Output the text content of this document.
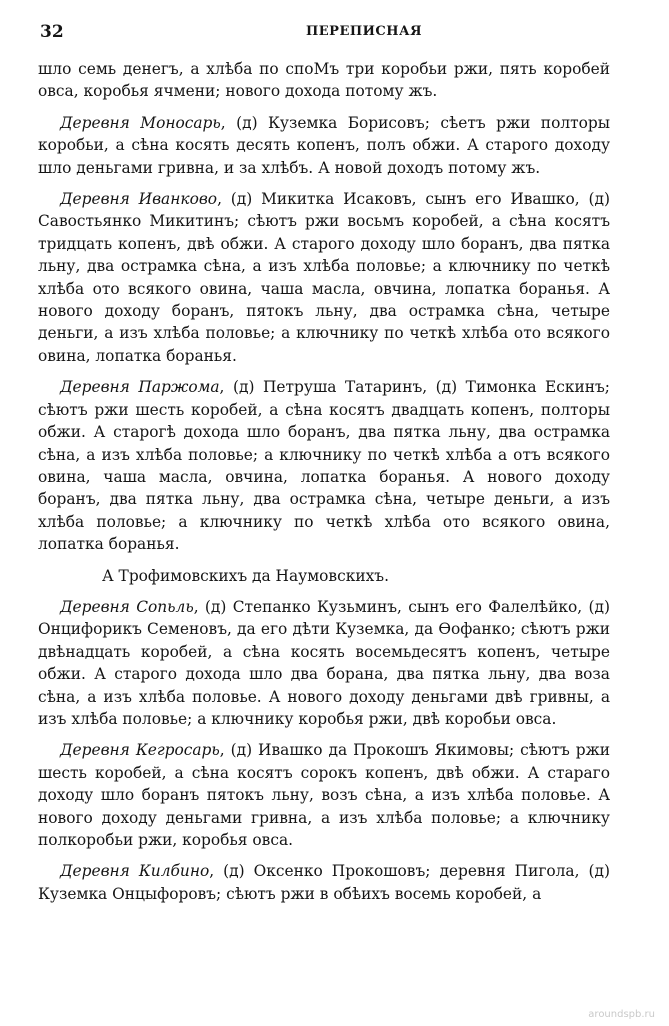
32	ПЕРЕПИСНАЯ

шло семь денегъ, а хлѣба по споМъ три коробьи ржи, пять коробей овса, коробья ячмени; нового дохода потому жъ.

Деревня Моносарь, (д) Куземка Борисовъ; сѣетъ ржи полторы коробьи, а сѣна косять десять копенъ, полъ обжи. А старого доходу шло деньгами гривна, и за хлѣбъ. А новой доходъ потому жъ.

Деревня Иванково, (д) Микитка Исаковъ, сынъ его Ивашко, (д) Савостьянко Микитинъ; сѣютъ ржи восьмъ коробей, а сѣна косятъ тридцать копенъ, двѣ обжи. А старого доходу шло боранъ, два пятка льну, два острамка сѣна, а изъ хлѣба половье; а ключнику по четкѣ хлѣба ото всякого овина, чаша масла, овчина, лопатка боранья. А нового доходу боранъ, пятокъ льну, два острамка сѣна, четыре деньги, а изъ хлѣба половье; а ключнику по четкѣ хлѣба ото всякого овина, лопатка боранья.

Деревня Паржома, (д) Петруша Татаринъ, (д) Тимонка Ескинъ; сѣютъ ржи шесть коробей, а сѣна косятъ двадцать копенъ, полторы обжи. А старогѣ дохода шло боранъ, два пятка льну, два острамка сѣна, а изъ хлѣба половье; а ключнику по четкѣ хлѣба а отъ всякого овина, чаша масла, овчина, лопатка боранья. А нового доходу боранъ, два пятка льну, два острамка сѣна, четыре деньги, а изъ хлѣба половье; а ключнику по четкѣ хлѣба ото всякого овина, лопатка боранья.

А Трофимовскихъ да Наумовскихъ.

Деревня Сопьль, (д) Степанко Кузьминъ, сынъ его Фалелѣйко, (д) Онцифорикъ Семеновъ, да его дѣти Куземка, да Ѳофанко; сѣютъ ржи двѣнадцать коробей, а сѣна косять восемьдесятъ копенъ, четыре обжи. А старого дохода шло два борана, два пятка льну, два воза сѣна, а изъ хлѣба половье. А нового доходу деньгами двѣ гривны, а изъ хлѣба половье; а ключнику коробья ржи, двѣ коробьи овса.

Деревня Кегросарь, (д) Ивашко да Прокошъ Якимовы; сѣютъ ржи шесть коробей, а сѣна косятъ сорокъ копенъ, двѣ обжи. А стараго доходу шло боранъ пятокъ льну, возъ сѣна, а изъ хлѣба половье. А нового доходу деньгами гривна, а изъ хлѣба половье; а ключнику полкоробьи ржи, коробья овса.

Деревня Килбино, (д) Оксенко Прокошовъ; деревня Пигола, (д) Куземка Онцыфоровъ; сѣютъ ржи в обѣихъ восемь коробей, а

aroundspb.ru
